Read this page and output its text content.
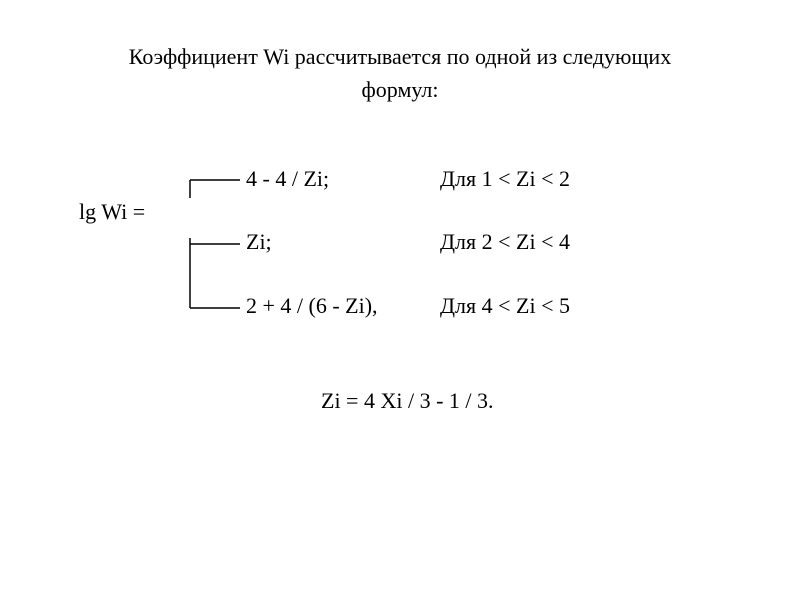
Коэффициент Wi рассчитывается по одной из следующих
формул:
lg Wi =
4 - 4 / Zi;	Для 1 < Zi < 2
Zi;	Для 2 < Zi < 4
2 + 4 / (6 - Zi),	Для 4 < Zi < 5
Zi = 4 Xi / 3 - 1 / 3.
